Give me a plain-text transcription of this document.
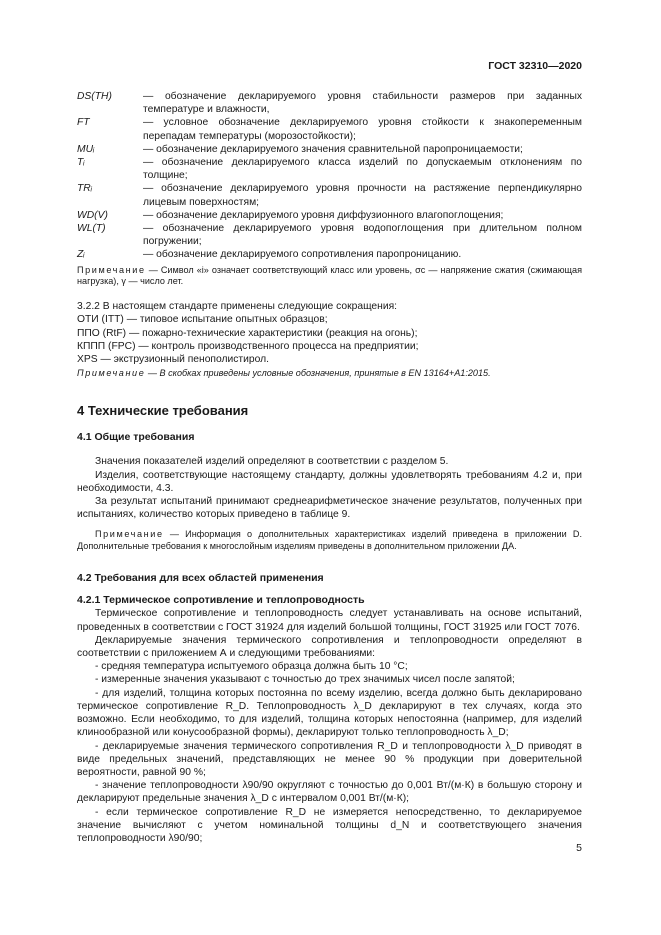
ГОСТ 32310—2020
DS(TH)	— обозначение декларируемого уровня стабильности размеров при заданных температуре и влажности,
FT	— условное обозначение декларируемого уровня стойкости к знакопеременным перепадам температуры (морозостойкости);
MUᵢ	— обозначение декларируемого значения сравнительной паропроницаемости;
Tᵢ	— обозначение декларируемого класса изделий по допускаемым отклонениям по толщине;
TRᵢ	— обозначение декларируемого уровня прочности на растяжение перпендикулярно лицевым поверхностям;
WD(V)	— обозначение декларируемого уровня диффузионного влагопоглощения;
WL(T)	— обозначение декларируемого уровня водопоглощения при длительном полном погружении;
Zᵢ	— обозначение декларируемого сопротивления паропроницанию.

Примечание — Символ «i» означает соответствующий класс или уровень, σc — напряжение сжатия (сжимающая нагрузка), γ — число лет.

3.2.2 В настоящем стандарте применены следующие сокращения:

ОТИ (ITT) — типовое испытание опытных образцов;

ППО (RtF) — пожарно-технические характеристики (реакция на огонь);

КППП (FPC) — контроль производственного процесса на предприятии;

XPS — экструзионный пенополистирол.

Примечание — В скобках приведены условные обозначения, принятые в EN 13164+A1:2015.

4 Технические требования
4.1 Общие требования

Значения показателей изделий определяют в соответствии с разделом 5.

Изделия, соответствующие настоящему стандарту, должны удовлетворять требованиям 4.2 и, при необходимости, 4.3.

За результат испытаний принимают среднеарифметическое значение результатов, полученных при испытаниях, количество которых приведено в таблице 9.

Примечание — Информация о дополнительных характеристиках изделий приведена в приложении D. Дополнительные требования к многослойным изделиям приведены в дополнительном приложении ДА.

4.2 Требования для всех областей применения
4.2.1 Термическое сопротивление и теплопроводность

Термическое сопротивление и теплопроводность следует устанавливать на основе испытаний, проведенных в соответствии с ГОСТ 31924 для изделий большой толщины, ГОСТ 31925 или ГОСТ 7076.

Декларируемые значения термического сопротивления и теплопроводности определяют в соответствии с приложением А и следующими требованиями:

- средняя температура испытуемого образца должна быть 10 °С;

- измеренные значения указывают с точностью до трех значимых чисел после запятой;

- для изделий, толщина которых постоянна по всему изделию, всегда должно быть декларировано термическое сопротивление R_D. Теплопроводность λ_D декларируют в тех случаях, когда это возможно. Если необходимо, то для изделий, толщина которых непостоянна (например, для изделий клинообразной или конусообразной формы), декларируют только теплопроводность λ_D;

- декларируемые значения термического сопротивления R_D и теплопроводности λ_D приводят в виде предельных значений, представляющих не менее 90 % продукции при доверительной вероятности, равной 90 %;

- значение теплопроводности λ90/90 округляют с точностью до 0,001 Вт/(м·К) в большую сторону и декларируют предельные значения λ_D с интервалом 0,001 Вт/(м·К);

- если термическое сопротивление R_D не измеряется непосредственно, то декларируемое значение вычисляют с учетом номинальной толщины d_N и соответствующего значения теплопроводности λ90/90;

5
